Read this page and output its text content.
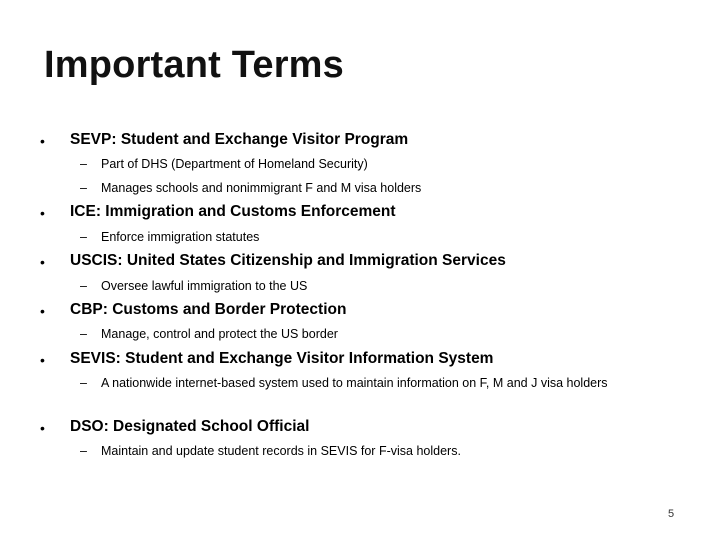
Important Terms
• SEVP: Student and Exchange Visitor Program
–	Part of DHS (Department of Homeland Security)
–	Manages schools and nonimmigrant F and M visa holders
• ICE: Immigration and Customs Enforcement
–	Enforce immigration statutes
• USCIS: United States Citizenship and Immigration Services
–	Oversee lawful immigration to the US
• CBP: Customs and Border Protection
–	Manage, control and protect the US border
• SEVIS: Student and Exchange Visitor Information System
–	A nationwide internet-based system used to maintain information on F, M and J visa holders
• DSO: Designated School Official
–	Maintain and update student records in SEVIS for F-visa holders.
5
